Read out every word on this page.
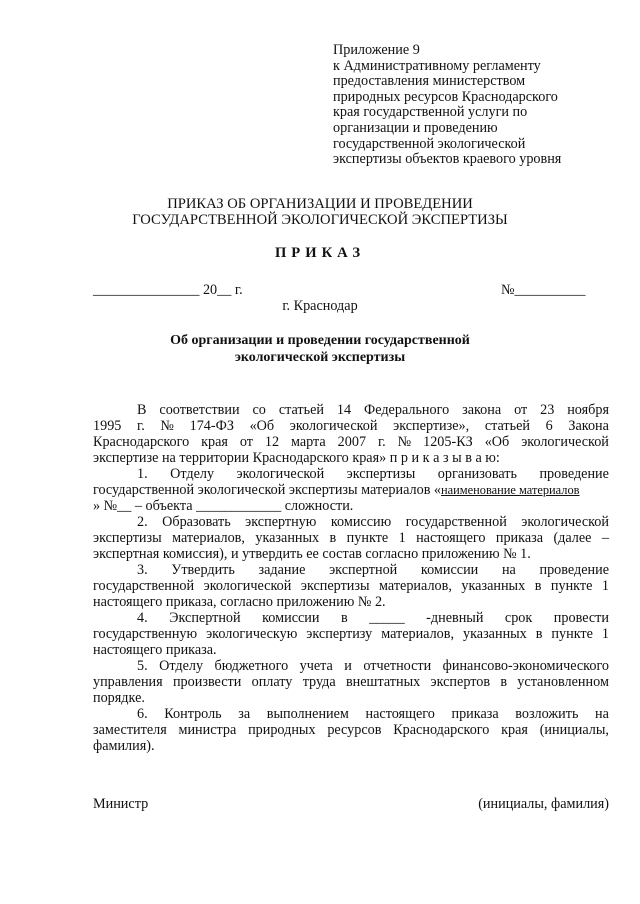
Приложение 9
к Административному регламенту
предоставления министерством
природных ресурсов Краснодарского
края государственной услуги по
организации и проведению
государственной экологической
экспертизы объектов краевого уровня
ПРИКАЗ ОБ ОРГАНИЗАЦИИ И ПРОВЕДЕНИИ
ГОСУДАРСТВЕННОЙ ЭКОЛОГИЧЕСКОЙ ЭКСПЕРТИЗЫ
ПРИКАЗ
_______________ 20__ г.	№__________
г. Краснодар
Об организации и проведении государственной
экологической экспертизы
В соответствии со статьей 14 Федерального закона от 23 ноября
1995 г. № 174-ФЗ «Об экологической экспертизе», статьей 6 Закона
Краснодарского края от 12 марта 2007 г. № 1205-КЗ «Об экологической
экспертизе на территории Краснодарского края» п р и к а з ы в а ю:
1. Отделу экологической экспертизы организовать проведение
государственной экологической экспертизы материалов «наименование материалов
» №__ – объекта ____________ сложности.
2. Образовать экспертную комиссию государственной экологической
экспертизы материалов, указанных в пункте 1 настоящего приказа (далее –
экспертная комиссия), и утвердить ее состав согласно приложению № 1.
3. Утвердить задание экспертной комиссии на проведение
государственной экологической экспертизы материалов, указанных в пункте 1
настоящего приказа, согласно приложению № 2.
4. Экспертной комиссии в _____ -дневный срок провести
государственную экологическую экспертизу материалов, указанных в пункте 1
настоящего приказа.
5. Отделу бюджетного учета и отчетности финансово-экономического
управления произвести оплату труда внештатных экспертов в установленном
порядке.
6. Контроль за выполнением настоящего приказа возложить на
заместителя министра природных ресурсов Краснодарского края (инициалы,
фамилия).
Министр	(инициалы, фамилия)
